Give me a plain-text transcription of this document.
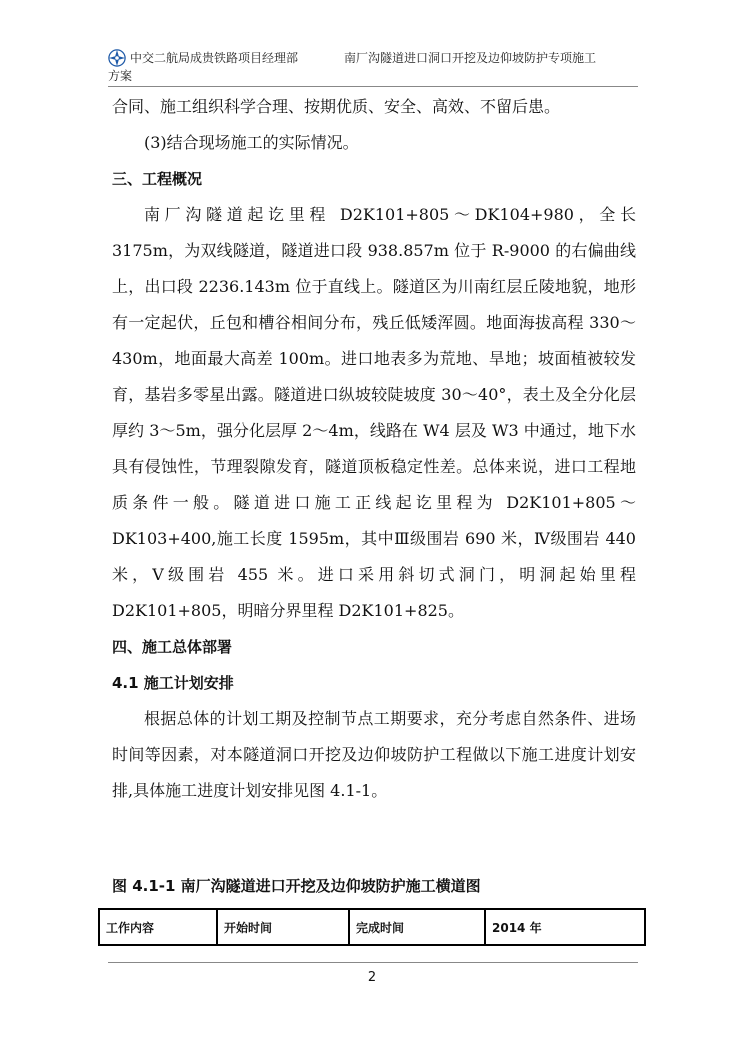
中交二航局成贵铁路项目经理部	南厂沟隧道进口洞口开挖及边仰坡防护专项施工
方案

合同、施工组织科学合理、按期优质、安全、高效、不留后患。

(3)结合现场施工的实际情况。

三、工程概况

南厂沟隧道起讫里程 D2K101+805～DK104+980，全长 3175m，为双线隧道，隧道进口段 938.857m 位于 R-9000 的右偏曲线上，出口段 2236.143m 位于直线上。隧道区为川南红层丘陵地貌，地形有一定起伏，丘包和槽谷相间分布，残丘低矮浑圆。地面海拔高程 330～430m，地面最大高差 100m。进口地表多为荒地、旱地；坡面植被较发育，基岩多零星出露。隧道进口纵坡较陡坡度 30～40°，表土及全分化层厚约 3～5m，强分化层厚 2～4m，线路在 W4 层及 W3 中通过，地下水具有侵蚀性，节理裂隙发育，隧道顶板稳定性差。总体来说，进口工程地质条件一般。隧道进口施工正线起讫里程为 D2K101+805～DK103+400,施工长度 1595m，其中Ⅲ级围岩 690 米，Ⅳ级围岩 440 米，Ⅴ级围岩 455 米。进口采用斜切式洞门，明洞起始里程 D2K101+805，明暗分界里程 D2K101+825。

四、施工总体部署
4.1 施工计划安排

根据总体的计划工期及控制节点工期要求，充分考虑自然条件、进场时间等因素，对本隧道洞口开挖及边仰坡防护工程做以下施工进度计划安排,具体施工进度计划安排见图 4.1-1。

图 4.1-1 南厂沟隧道进口开挖及边仰坡防护施工横道图
工作内容	开始时间	完成时间	2014 年
2
